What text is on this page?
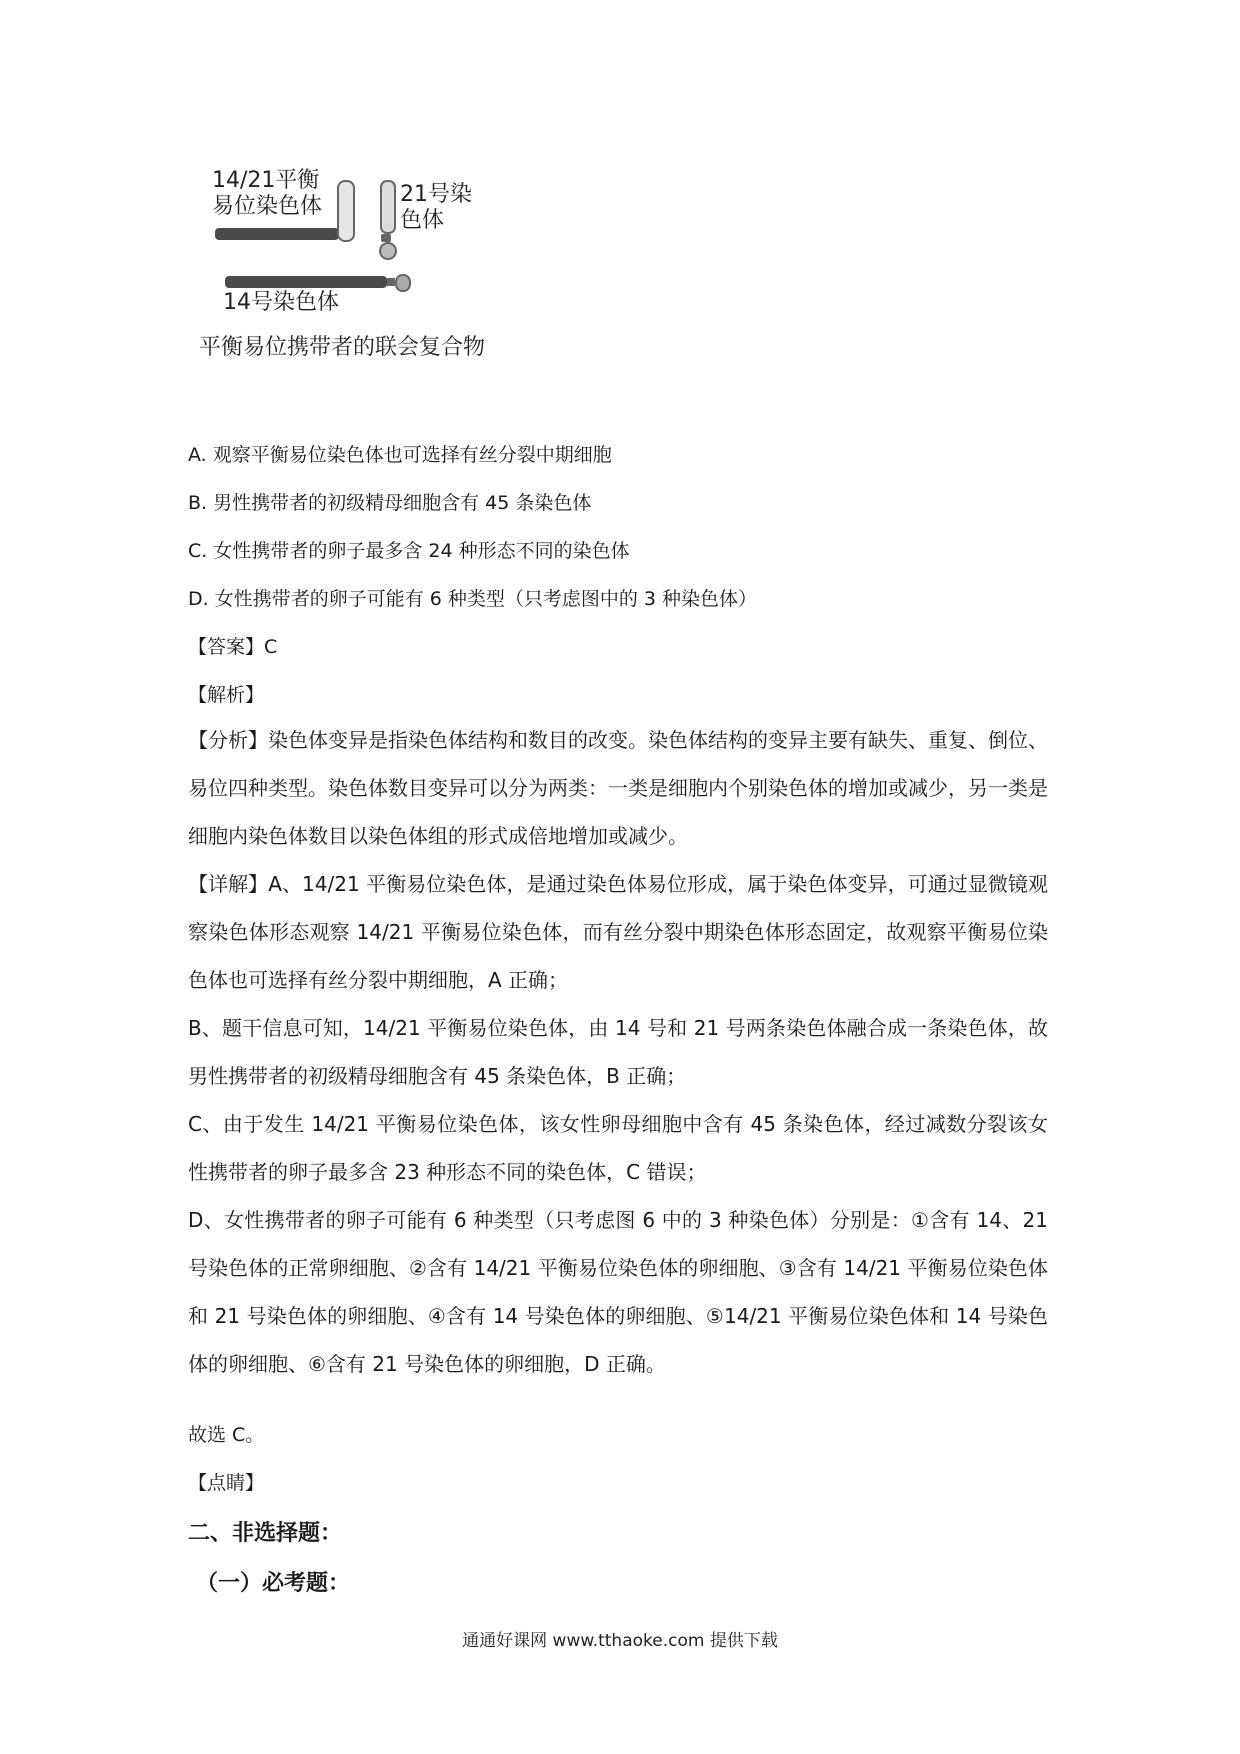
14/21平衡易位染色体	21号染色体
14号染色体
平衡易位携带者的联会复合物
A. 观察平衡易位染色体也可选择有丝分裂中期细胞
B. 男性携带者的初级精母细胞含有 45 条染色体
C. 女性携带者的卵子最多含 24 种形态不同的染色体
D. 女性携带者的卵子可能有 6 种类型（只考虑图中的 3 种染色体）
【答案】C
【解析】
【分析】染色体变异是指染色体结构和数目的改变。染色体结构的变异主要有缺失、重复、倒位、易位四种类型。染色体数目变异可以分为两类：一类是细胞内个别染色体的增加或减少，另一类是细胞内染色体数目以染色体组的形式成倍地增加或减少。
【详解】A、14/21 平衡易位染色体，是通过染色体易位形成，属于染色体变异，可通过显微镜观察染色体形态观察 14/21 平衡易位染色体，而有丝分裂中期染色体形态固定，故观察平衡易位染色体也可选择有丝分裂中期细胞，A 正确；
B、题干信息可知，14/21 平衡易位染色体，由 14 号和 21 号两条染色体融合成一条染色体，故男性携带者的初级精母细胞含有 45 条染色体，B 正确；
C、由于发生 14/21 平衡易位染色体，该女性卵母细胞中含有 45 条染色体，经过减数分裂该女性携带者的卵子最多含 23 种形态不同的染色体，C 错误；
D、女性携带者的卵子可能有 6 种类型（只考虑图 6 中的 3 种染色体）分别是：①含有 14、21 号染色体的正常卵细胞、②含有 14/21 平衡易位染色体的卵细胞、③含有 14/21 平衡易位染色体和 21 号染色体的卵细胞、④含有 14 号染色体的卵细胞、⑤14/21 平衡易位染色体和 14 号染色体的卵细胞、⑥含有 21 号染色体的卵细胞，D 正确。
故选 C。
【点睛】
二、非选择题：
（一）必考题：
通通好课网 www.tthaoke.com 提供下载
